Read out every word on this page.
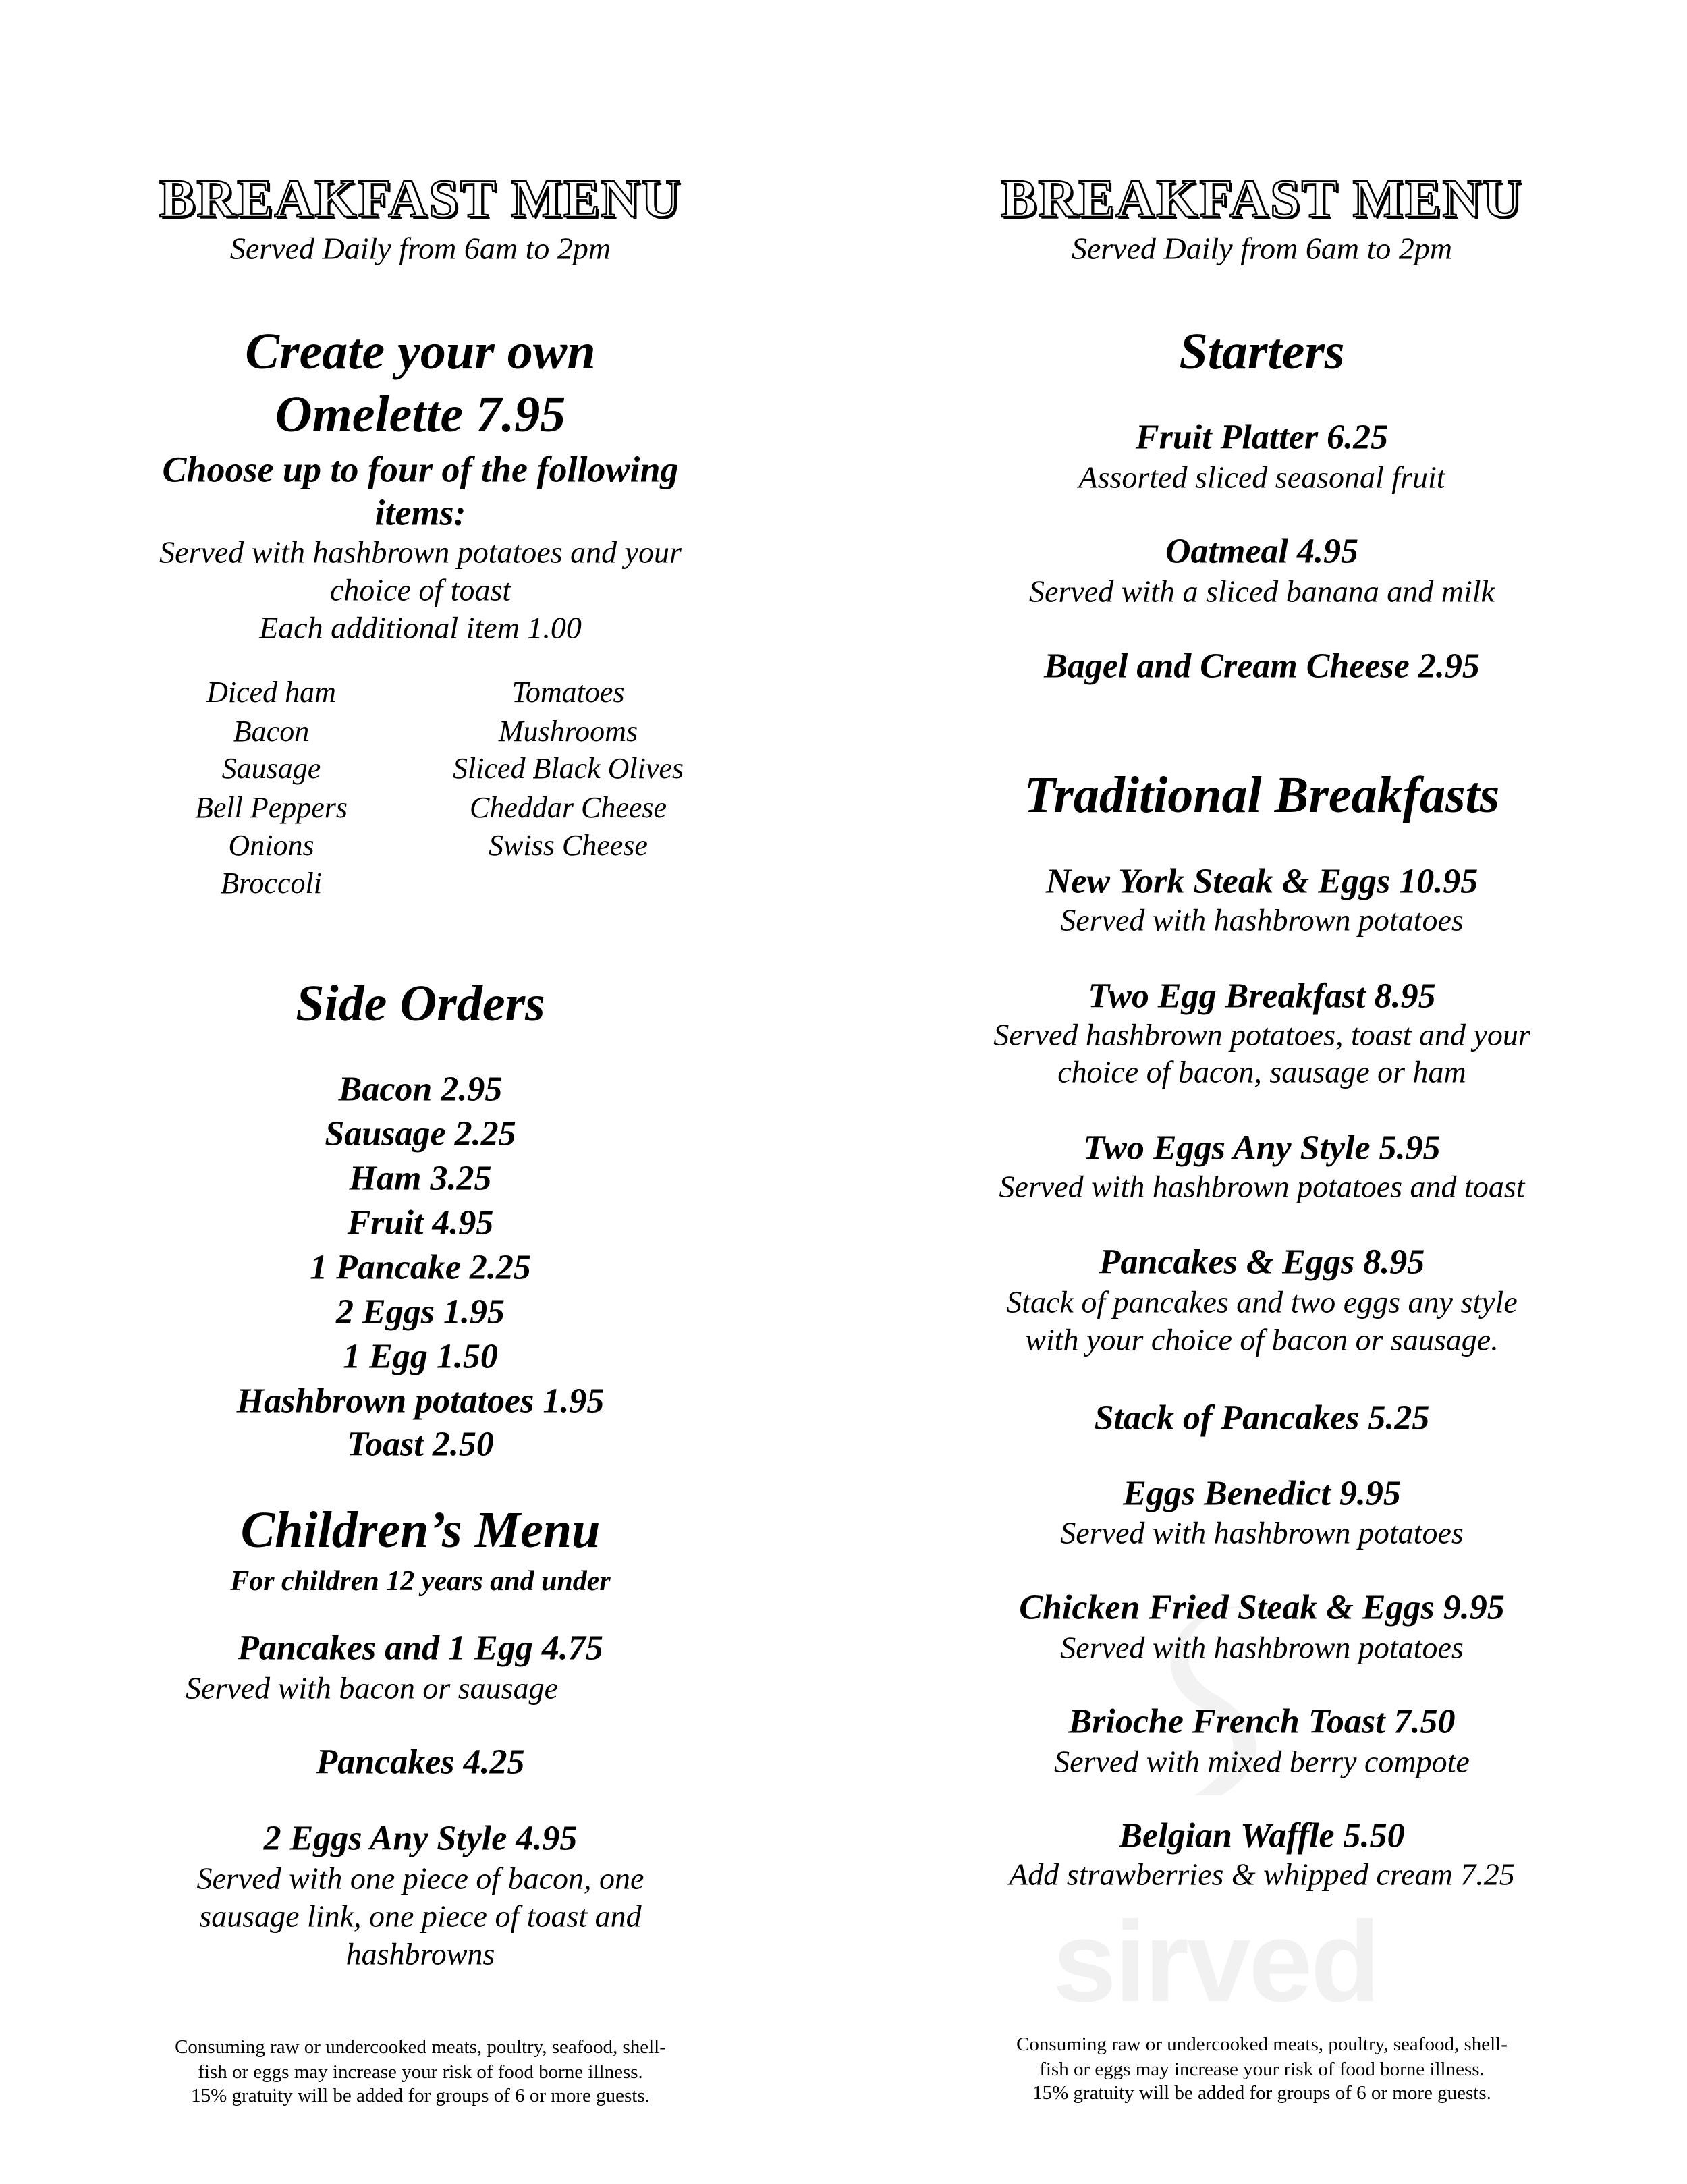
sirved
BREAKFAST MENU
Served Daily from 6am to 2pm
Create your own
Omelette 7.95
Choose up to four of the following
items:
Served with hashbrown potatoes and your
choice of toast
Each additional item 1.00
Diced ham
Bacon
Sausage
Bell Peppers
Onions
Broccoli
Tomatoes
Mushrooms
Sliced Black Olives
Cheddar Cheese
Swiss Cheese
Side Orders
Bacon 2.95
Sausage 2.25
Ham 3.25
Fruit 4.95
1 Pancake 2.25
2 Eggs 1.95
1 Egg 1.50
Hashbrown potatoes 1.95
Toast 2.50
Children’s Menu
For children 12 years and under
Pancakes and 1 Egg 4.75
Served with bacon or sausage
Pancakes 4.25
2 Eggs Any Style 4.95
Served with one piece of bacon, one
sausage link, one piece of toast and
hashbrowns
Consuming raw or undercooked meats, poultry, seafood, shell-
fish or eggs may increase your risk of food borne illness.
15% gratuity will be added for groups of 6 or more guests.
BREAKFAST MENU
Served Daily from 6am to 2pm
Starters
Fruit Platter 6.25
Assorted sliced seasonal fruit
Oatmeal 4.95
Served with a sliced banana and milk
Bagel and Cream Cheese 2.95
Traditional Breakfasts
New York Steak & Eggs 10.95
Served with hashbrown potatoes
Two Egg Breakfast 8.95
Served hashbrown potatoes, toast and your
choice of bacon, sausage or ham
Two Eggs Any Style 5.95
Served with hashbrown potatoes and toast
Pancakes & Eggs 8.95
Stack of pancakes and two eggs any style
with your choice of bacon or sausage.
Stack of Pancakes 5.25
Eggs Benedict 9.95
Served with hashbrown potatoes
Chicken Fried Steak & Eggs 9.95
Served with hashbrown potatoes
Brioche French Toast 7.50
Served with mixed berry compote
Belgian Waffle 5.50
Add strawberries & whipped cream 7.25
Consuming raw or undercooked meats, poultry, seafood, shell-
fish or eggs may increase your risk of food borne illness.
15% gratuity will be added for groups of 6 or more guests.
